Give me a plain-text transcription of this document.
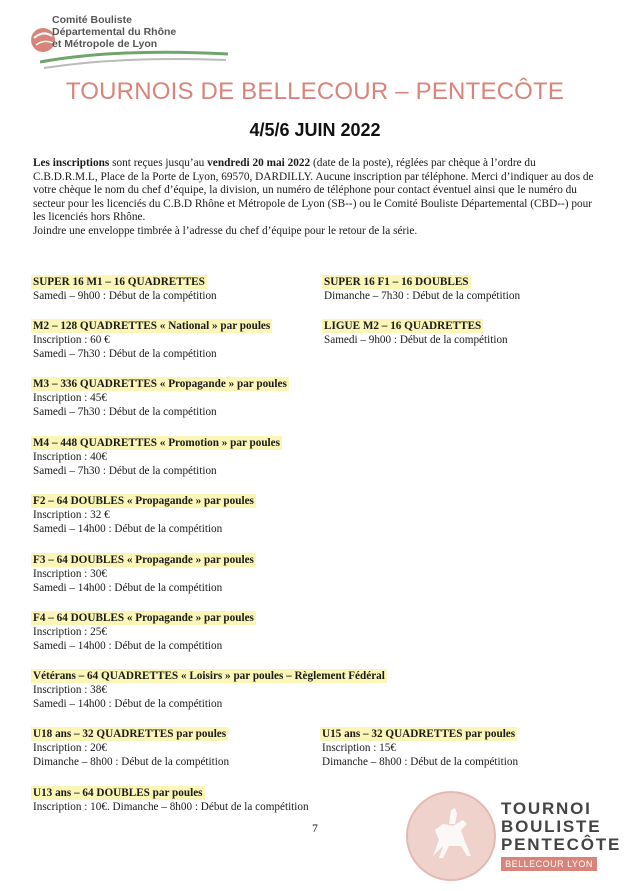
Comité Bouliste
Départemental du Rhône
et Métropole de Lyon
TOURNOIS DE BELLECOUR – PENTECÔTE
4/5/6 JUIN 2022

Les inscriptions sont reçues jusqu’au vendredi 20 mai 2022 (date de la poste), réglées par chèque à l’ordre du C.B.D.R.M.L, Place de la Porte de Lyon, 69570, DARDILLY. Aucune inscription par téléphone. Merci d’indiquer au dos de votre chèque le nom du chef d’équipe, la division, un numéro de téléphone pour contact éventuel ainsi que le numéro du secteur pour les licenciés du C.B.D Rhône et Métropole de Lyon (SB--) ou le Comité Bouliste Départemental (CBD--) pour les licenciés hors Rhône.

Joindre une enveloppe timbrée à l’adresse du chef d’équipe pour le retour de la série.

SUPER 16 M1 – 16 QUADRETTES
Samedi – 9h00 : Début de la compétition
SUPER 16 F1 – 16 DOUBLES
Dimanche – 7h30 : Début de la compétition
M2 – 128 QUADRETTES « National » par poules
Inscription : 60 €
Samedi – 7h30 : Début de la compétition
LIGUE M2 – 16 QUADRETTES
Samedi – 9h00 : Début de la compétition
M3 – 336 QUADRETTES « Propagande » par poules
Inscription : 45€
Samedi – 7h30 : Début de la compétition
M4 – 448 QUADRETTES « Promotion » par poules
Inscription : 40€
Samedi – 7h30 : Début de la compétition
F2 – 64 DOUBLES « Propagande » par poules
Inscription : 32 €
Samedi – 14h00 : Début de la compétition
F3 – 64 DOUBLES « Propagande » par poules
Inscription : 30€
Samedi – 14h00 : Début de la compétition
F4 – 64 DOUBLES « Propagande » par poules
Inscription : 25€
Samedi – 14h00 : Début de la compétition
Vétérans – 64 QUADRETTES « Loisirs » par poules – Règlement Fédéral
Inscription : 38€
Samedi – 14h00 : Début de la compétition
U18 ans – 32 QUADRETTES par poules
Inscription : 20€
Dimanche – 8h00 : Début de la compétition
U15 ans – 32 QUADRETTES par poules
Inscription : 15€
Dimanche – 8h00 : Début de la compétition
U13 ans – 64 DOUBLES par poules
Inscription : 10€. Dimanche – 8h00 : Début de la compétition
7
TOURNOI
BOULISTE
PENTECÔTE
BELLECOUR LYON
